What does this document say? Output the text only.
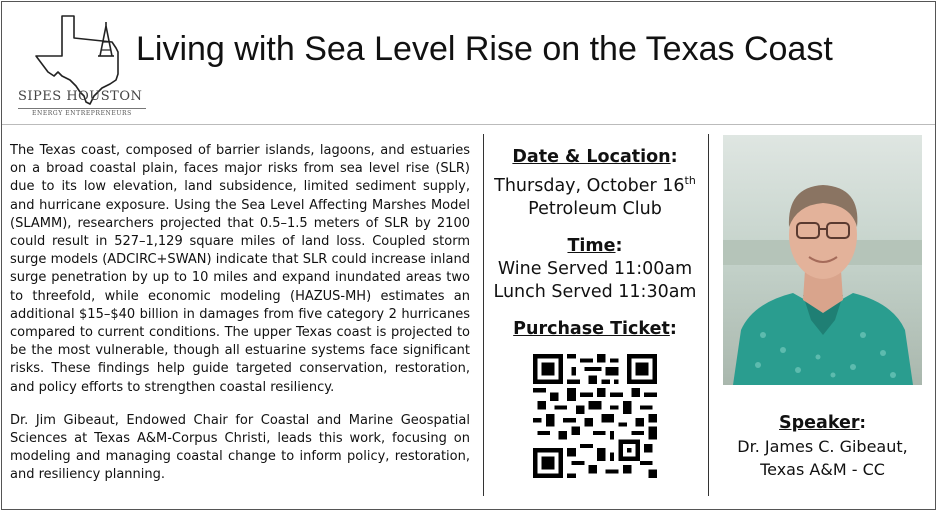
SIPES HOUSTON
ENERGY ENTREPRENEURS
Living with Sea Level Rise on the Texas Coast

The Texas coast, composed of barrier islands, lagoons, and estuaries on a broad coastal plain, faces major risks from sea level rise (SLR) due to its low elevation, land subsidence, limited sediment supply, and hurricane exposure. Using the Sea Level Affecting Marshes Model (SLAMM), researchers projected that 0.5–1.5 meters of SLR by 2100 could result in 527–1,129 square miles of land loss. Coupled storm surge models (ADCIRC+SWAN) indicate that SLR could increase inland surge penetration by up to 10 miles and expand inundated areas two to threefold, while economic modeling (HAZUS-MH) estimates an additional $15–$40 billion in damages from five category 2 hurricanes compared to current conditions. The upper Texas coast is projected to be the most vulnerable, though all estuarine systems face significant risks. These findings help guide targeted conservation, restoration, and policy efforts to strengthen coastal resiliency.

Dr. Jim Gibeaut, Endowed Chair for Coastal and Marine Geospatial Sciences at Texas A&M-Corpus Christi, leads this work, focusing on modeling and managing coastal change to inform policy, restoration, and resiliency planning.

Date & Location:
Thursday, October 16th
Petroleum Club
Time:
Wine Served 11:00am
Lunch Served 11:30am
Purchase Ticket:
Speaker:
Dr. James C. Gibeaut,
Texas A&M - CC
